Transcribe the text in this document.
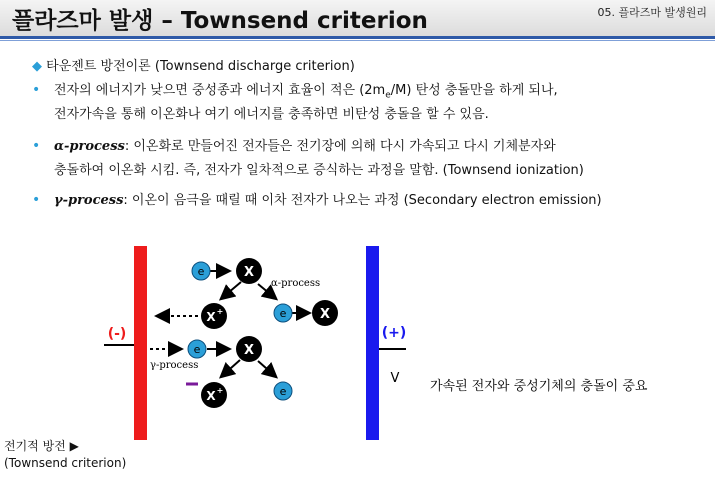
플라즈마 발생 – Townsend criterion	05. 플라즈마 발생원리
◆ 타운젠트 방전이론 (Townsend discharge criterion)
• 전자의 에너지가 낮으면 중성종과 에너지 효율이 적은 $(2m_e/M)$ 탄성 충돌만을 하게 되나,
전자가속을 통해 이온화나 여기 에너지를 충족하면 비탄성 충돌을 할 수 있음.
• α-process: 이온화로 만들어진 전자들은 전기장에 의해 다시 가속되고 다시 기체분자와
충돌하여 이온화 시킴. 즉, 전자가 일차적으로 증식하는 과정을 말함. (Townsend ionization)
• γ-process: 이온이 음극을 때릴 때 이차 전자가 나오는 과정 (Secondary electron emission)
(-)	(+)
V
α-process
γ-process
e
e
e
e
X
X
X
X +
X +	가속된 전자와 중성기체의 충돌이 중요
전기적 방전 ▶
(Townsend criterion)
